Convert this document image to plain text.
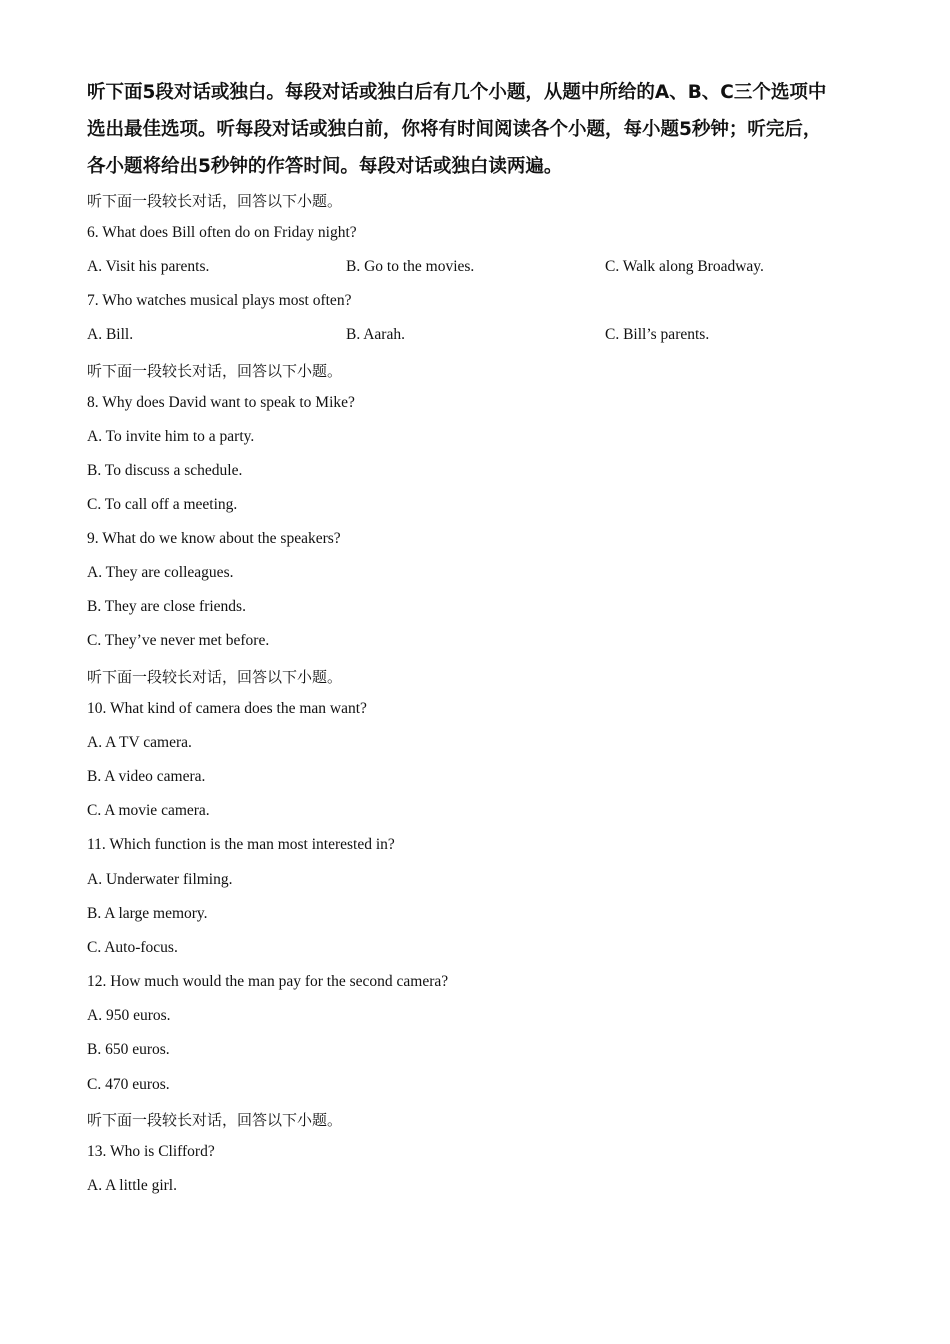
听下面5段对话或独白。每段对话或独白后有几个小题，从题中所给的A、B、C三个选项中
选出最佳选项。听每段对话或独白前，你将有时间阅读各个小题，每小题5秒钟；听完后，
各小题将给出5秒钟的作答时间。每段对话或独白读两遍。
听下面一段较长对话，回答以下小题。
6. What does Bill often do on Friday night?
A. Visit his parents.	B. Go to the movies.	C. Walk along Broadway.
7. Who watches musical plays most often?
A. Bill.	B. Aarah.	C. Bill’s parents.
听下面一段较长对话，回答以下小题。
8. Why does David want to speak to Mike?
A. To invite him to a party.
B. To discuss a schedule.
C. To call off a meeting.
9. What do we know about the speakers?
A. They are colleagues.
B. They are close friends.
C. They’ve never met before.
听下面一段较长对话，回答以下小题。
10. What kind of camera does the man want?
A. A TV camera.
B. A video camera.
C. A movie camera.
11. Which function is the man most interested in?
A. Underwater filming.
B. A large memory.
C. Auto-focus.
12. How much would the man pay for the second camera?
A. 950 euros.
B. 650 euros.
C. 470 euros.
听下面一段较长对话，回答以下小题。
13. Who is Clifford?
A. A little girl.
